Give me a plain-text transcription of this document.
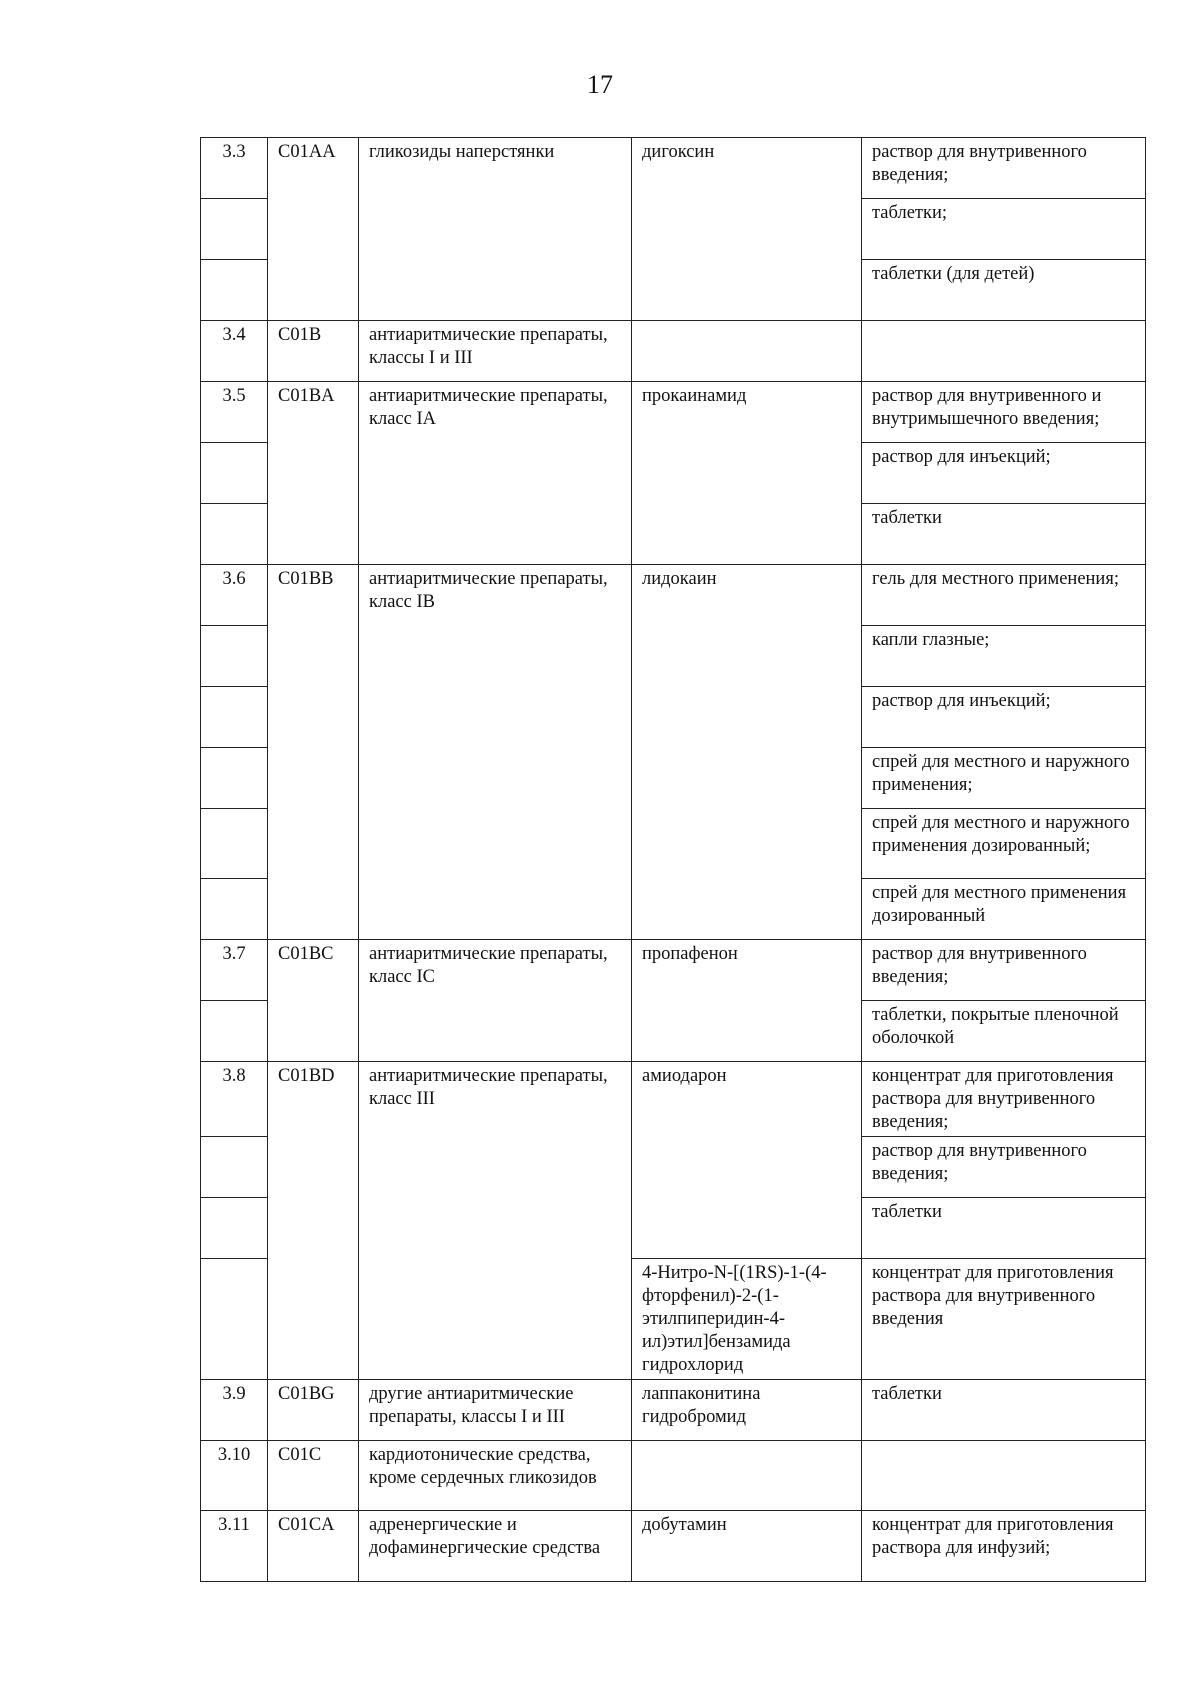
17
3.3	C01AA	гликозиды наперстянки	дигоксин	раствор для внутривенного введения;
				таблетки;
				таблетки (для детей)
3.4	C01B	антиаритмические препараты, классы I и III		
3.5	C01BA	антиаритмические препараты, класс IA	прокаинамид	раствор для внутривенного и внутримышечного введения;
				раствор для инъекций;
				таблетки
3.6	C01BB	антиаритмические препараты, класс IB	лидокаин	гель для местного применения;
				капли глазные;
				раствор для инъекций;
				спрей для местного и наружного применения;
				спрей для местного и наружного применения дозированный;
				спрей для местного применения дозированный
3.7	C01BC	антиаритмические препараты, класс IC	пропафенон	раствор для внутривенного введения;
				таблетки, покрытые пленочной оболочкой
3.8	C01BD	антиаритмические препараты, класс III	амиодарон	концентрат для приготовления раствора для внутривенного введения;
				раствор для внутривенного введения;
				таблетки
			4-Нитро-N-[(1RS)-1-(4-фторфенил)-2-(1-этилпиперидин-4-ил)этил]бензамида гидрохлорид	концентрат для приготовления раствора для внутривенного введения
3.9	C01BG	другие антиаритмические препараты, классы I и III	лаппаконитина гидробромид	таблетки
3.10	C01C	кардиотонические средства, кроме сердечных гликозидов		
3.11	C01CA	адренергические и дофаминергические средства	добутамин	концентрат для приготовления раствора для инфузий;
